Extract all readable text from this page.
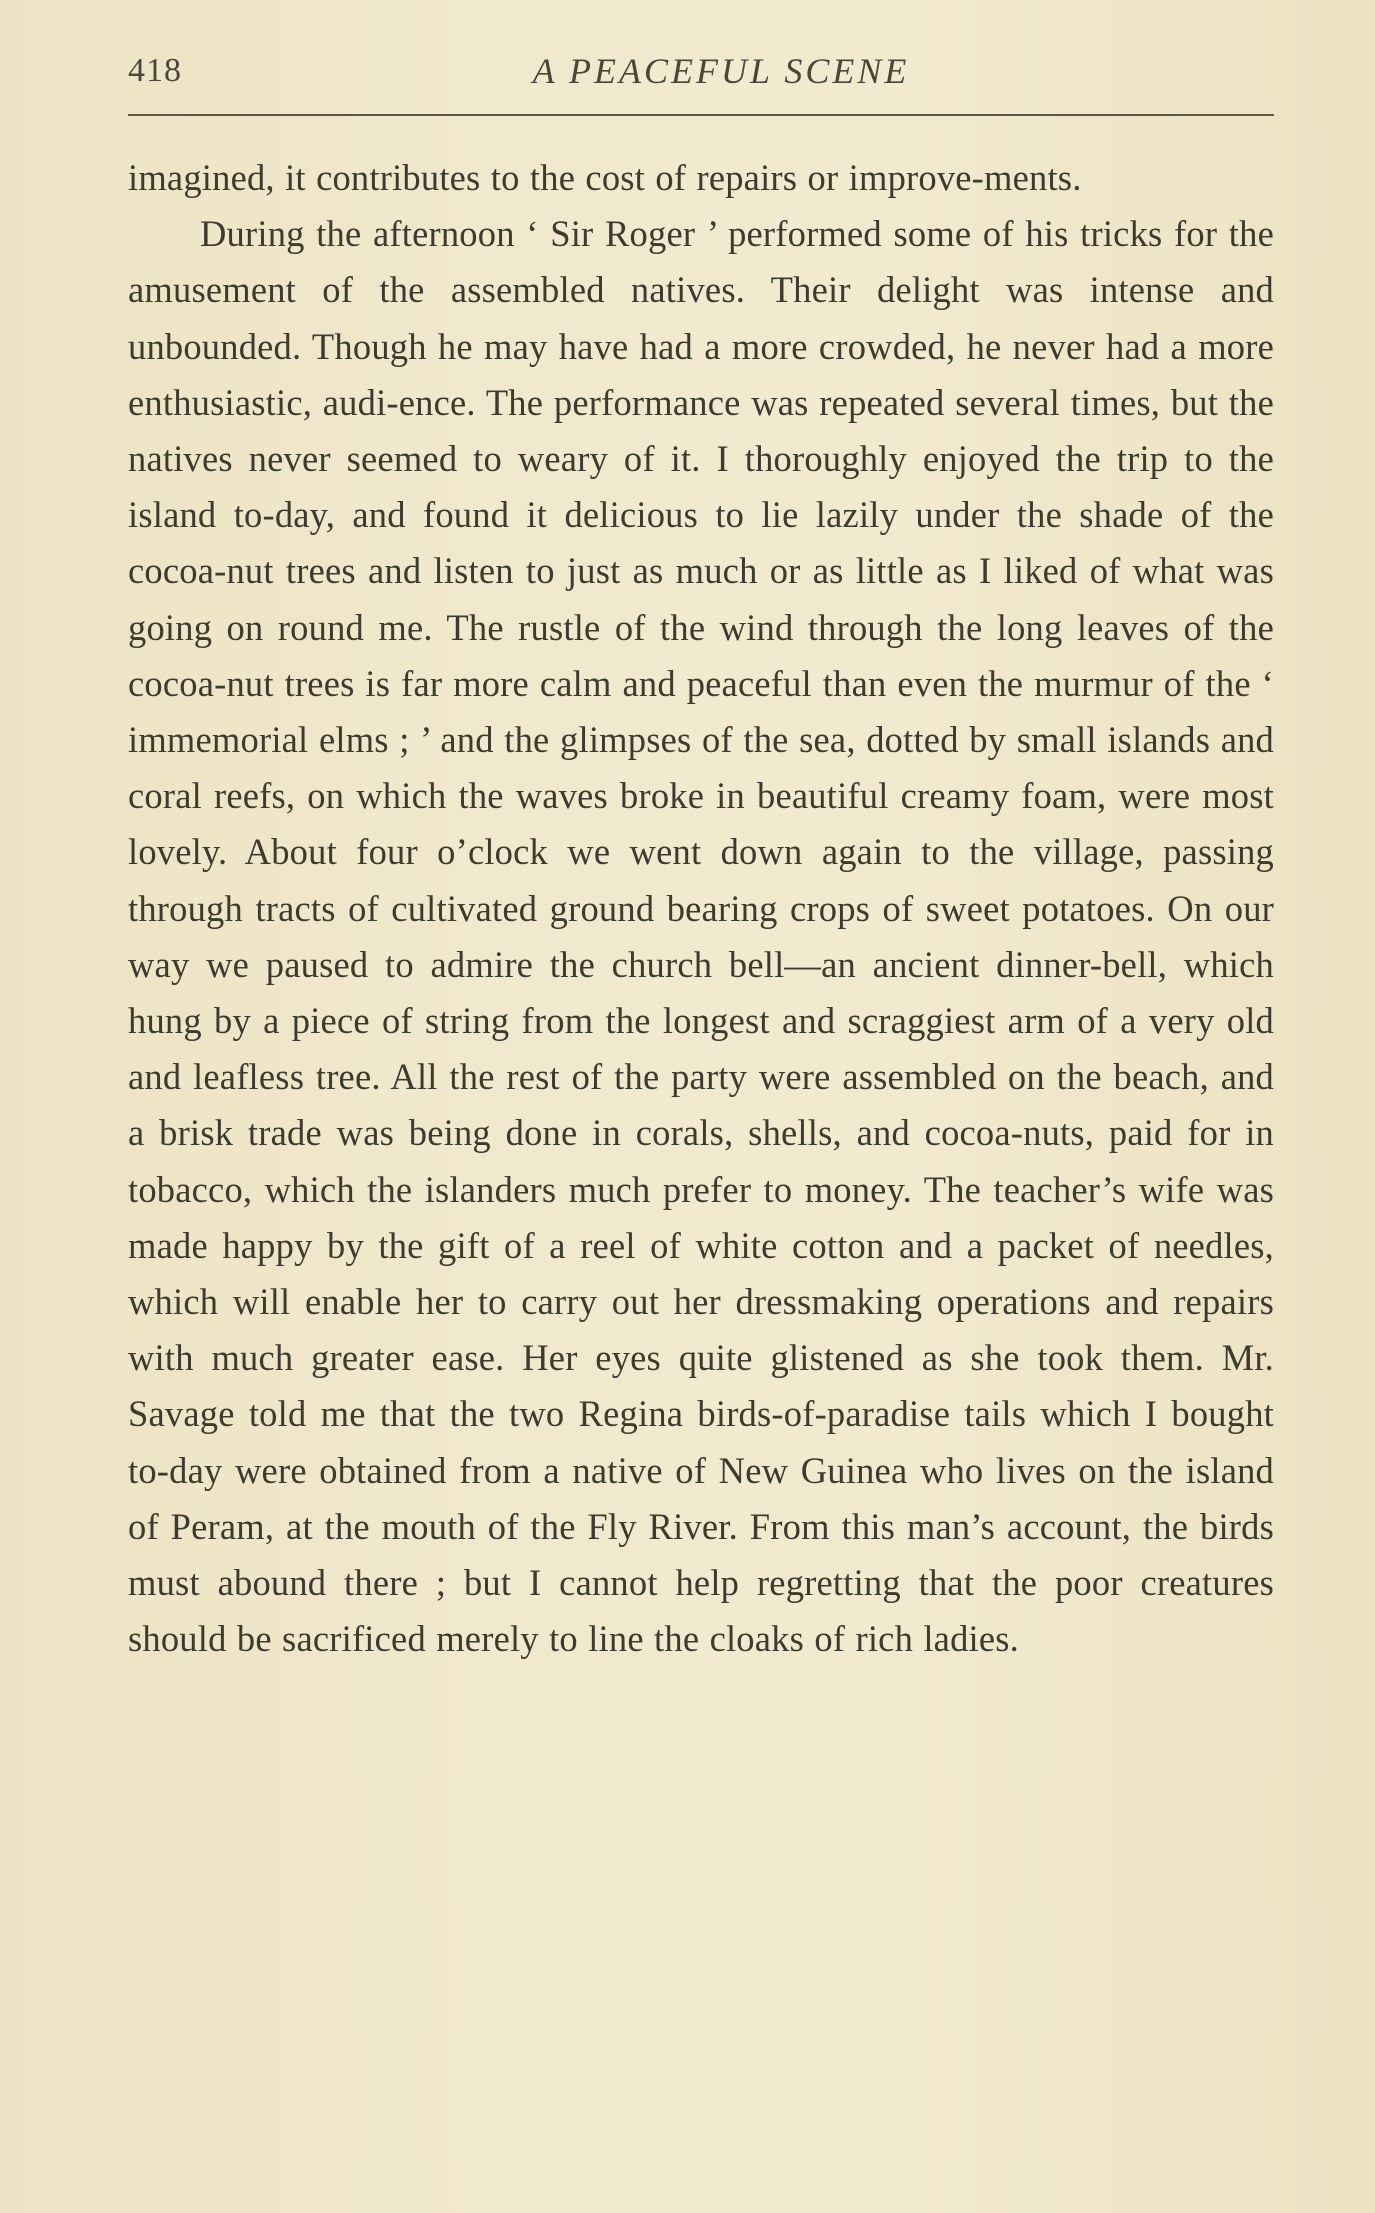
418	A PEACEFUL SCENE

imagined, it contributes to the cost of repairs or improve-ments.

During the afternoon ‘ Sir Roger ’ performed some of his tricks for the amusement of the assembled natives. Their delight was intense and unbounded. Though he may have had a more crowded, he never had a more enthusiastic, audi-ence. The performance was repeated several times, but the natives never seemed to weary of it. I thoroughly enjoyed the trip to the island to-day, and found it delicious to lie lazily under the shade of the cocoa-nut trees and listen to just as much or as little as I liked of what was going on round me. The rustle of the wind through the long leaves of the cocoa-nut trees is far more calm and peaceful than even the murmur of the ‘ immemorial elms ; ’ and the glimpses of the sea, dotted by small islands and coral reefs, on which the waves broke in beautiful creamy foam, were most lovely. About four o’clock we went down again to the village, passing through tracts of cultivated ground bearing crops of sweet potatoes. On our way we paused to admire the church bell—an ancient dinner-bell, which hung by a piece of string from the longest and scraggiest arm of a very old and leafless tree. All the rest of the party were assembled on the beach, and a brisk trade was being done in corals, shells, and cocoa-nuts, paid for in tobacco, which the islanders much prefer to money. The teacher’s wife was made happy by the gift of a reel of white cotton and a packet of needles, which will enable her to carry out her dressmaking operations and repairs with much greater ease. Her eyes quite glistened as she took them. Mr. Savage told me that the two Regina birds-of-paradise tails which I bought to-day were obtained from a native of New Guinea who lives on the island of Peram, at the mouth of the Fly River. From this man’s account, the birds must abound there ; but I cannot help regretting that the poor creatures should be sacrificed merely to line the cloaks of rich ladies.
